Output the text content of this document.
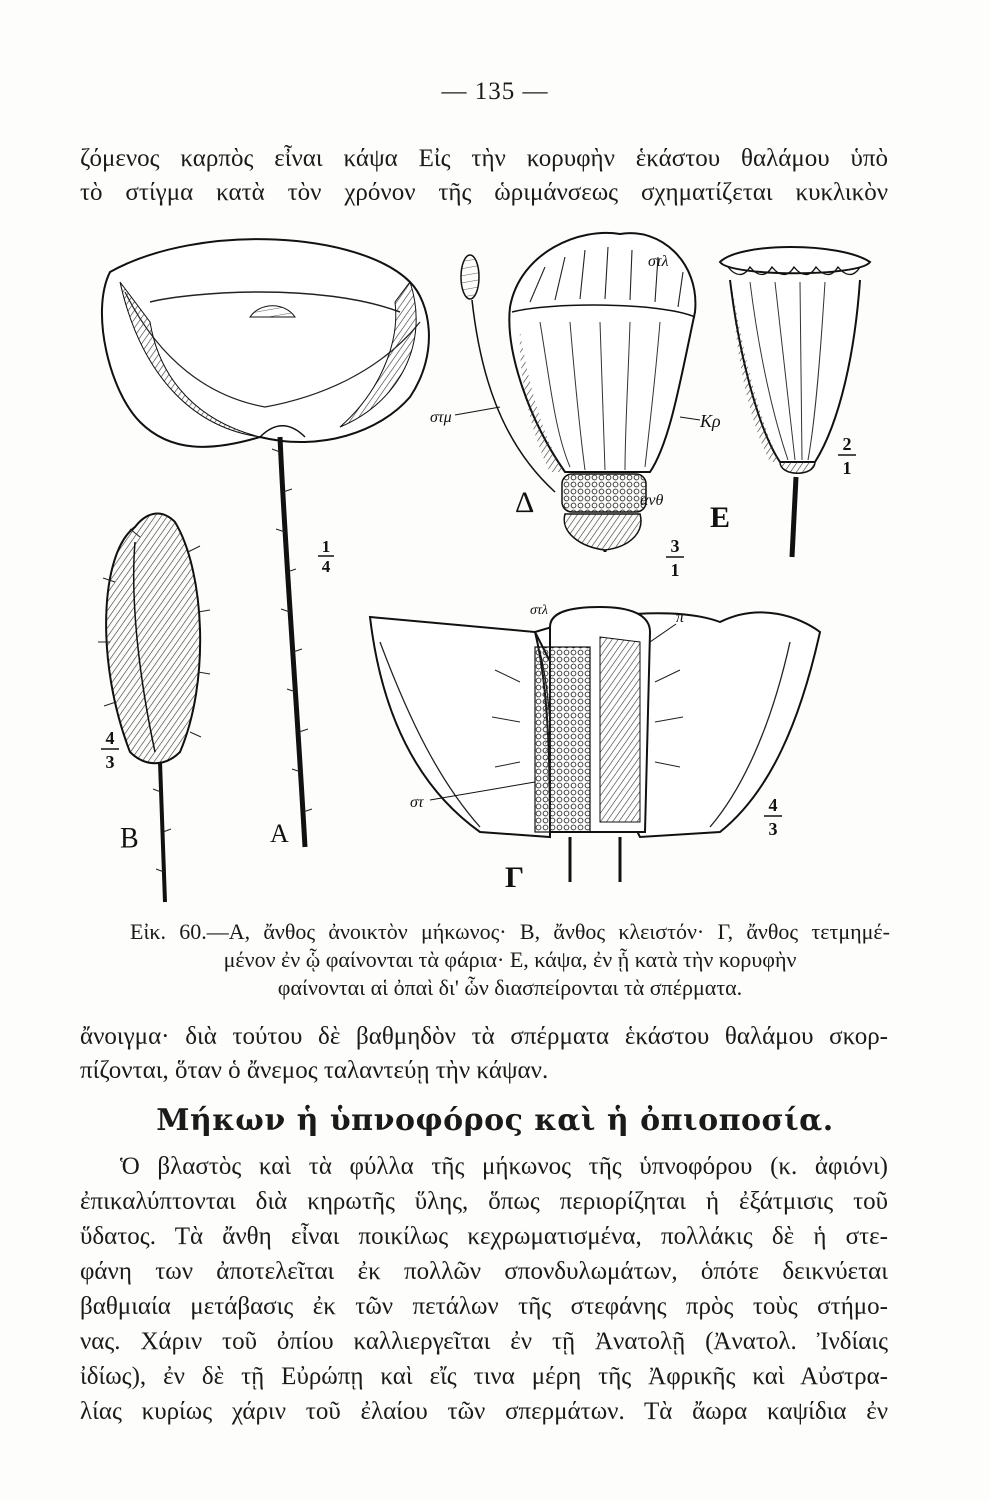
— 135 —
ζόμενος καρπὸς εἶναι κάψα Εἰς τὴν κορυφὴν ἑκάστου θαλάμου ὑπὸ
τὸ στίγμα κατὰ τὸν χρόνον τῆς ὡριμάνσεως σχηματίζεται κυκλικὸν
Α
Β
Γ
Δ	Ε
στλ
στμ	Κρ
ανθ
στλ	π
στ
1
4
4
3
3
1
2
1
4
3
Εἰκ. 60.—Α, ἄνθος ἀνοικτὸν μήκωνος· Β, ἄνθος κλειστόν· Γ, ἄνθος τετμημέ-
μένον ἐν ᾧ φαίνονται τὰ φάρια· Ε, κάψα, ἐν ᾗ κατὰ τὴν κορυφὴν
φαίνονται αἱ ὀπαὶ δι' ὧν διασπείρονται τὰ σπέρματα.
ἄνοιγμα· διὰ τούτου δὲ βαθμηδὸν τὰ σπέρματα ἑκάστου θαλάμου σκορ-
πίζονται, ὅταν ὁ ἄνεμος ταλαντεύῃ τὴν κάψαν.
Μήκων ἡ ὑπνοφόρος καὶ ἡ ὀπιοποσία.
Ὁ βλαστὸς καὶ τὰ φύλλα τῆς μήκωνος τῆς ὑπνοφόρου (κ. ἀφιόνι)
ἐπικαλύπτονται διὰ κηρωτῆς ὕλης, ὅπως περιορίζηται ἡ ἐξάτμισις τοῦ
ὕδατος. Τὰ ἄνθη εἶναι ποικίλως κεχρωματισμένα, πολλάκις δὲ ἡ στε-
φάνη των ἀποτελεῖται ἐκ πολλῶν σπονδυλωμάτων, ὁπότε δεικνύεται
βαθμιαία μετάβασις ἐκ τῶν πετάλων τῆς στεφάνης πρὸς τοὺς στήμο-
νας. Χάριν τοῦ ὀπίου καλλιεργεῖται ἐν τῇ Ἀνατολῇ (Ἀνατολ. Ἰνδίαις
ἰδίως), ἐν δὲ τῇ Εὐρώπῃ καὶ εἴς τινα μέρη τῆς Ἀφρικῆς καὶ Αὐστρα-
λίας κυρίως χάριν τοῦ ἐλαίου τῶν σπερμάτων. Τὰ ἄωρα καψίδια ἐν
